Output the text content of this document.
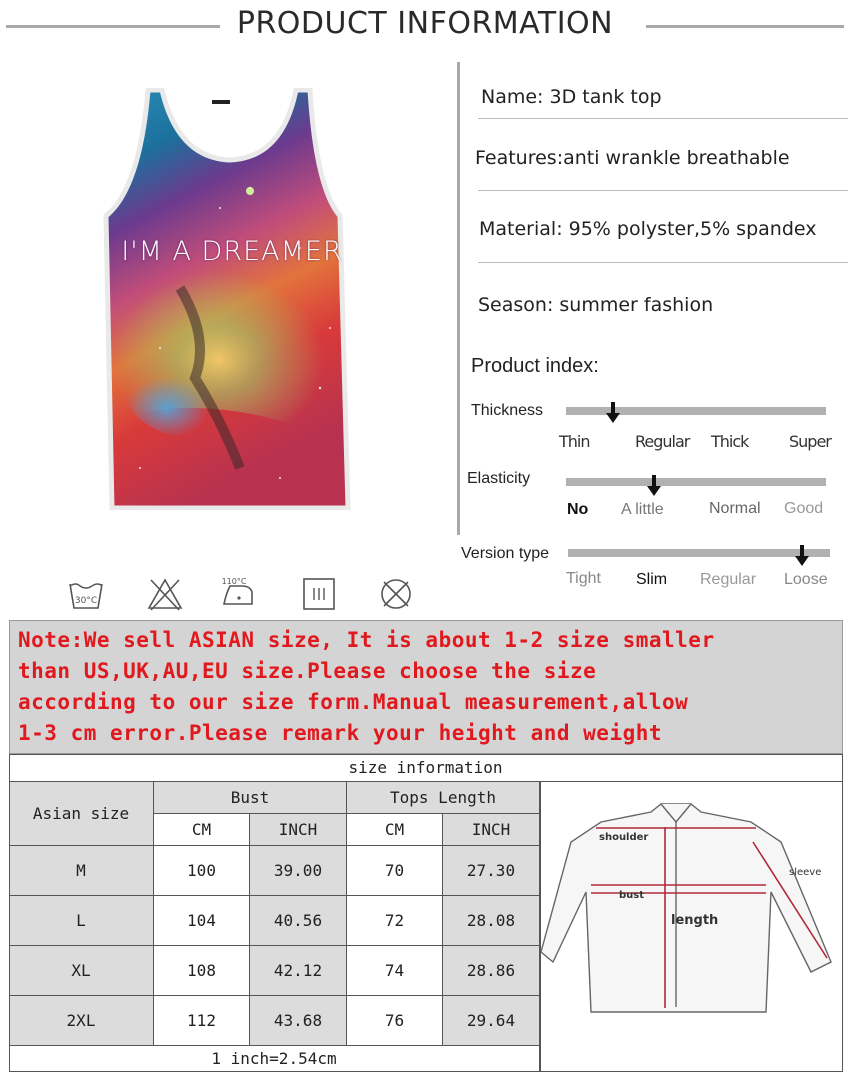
PRODUCT INFORMATION
I'M A DREAMER
Name: 3D tank top
Features:anti wrankle breathable
Material: 95% polyster,5% spandex
Season: summer fashion
Product index:
Thickness
Thin	Regular Thick	Super
Elasticity
No A little	Normal Good
Version type
Tight Slim Regular Loose
30°C
110°C

Note:We sell ASIAN size, It is about 1-2 size smaller
than US,UK,AU,EU size.Please choose the size
according to our size form.Manual measurement,allow
1-3 cm error.Please remark your height and weight

size information
Asian size
Bust	Tops Length
CM	INCH	CM	INCH
M	100	39.00	70	27.30
L	104	40.56	72	28.08
XL	108	42.12	74	28.86
2XL	112	43.68	76	29.64
1 inch=2.54cm
shoulder
sleeve
bust
length
